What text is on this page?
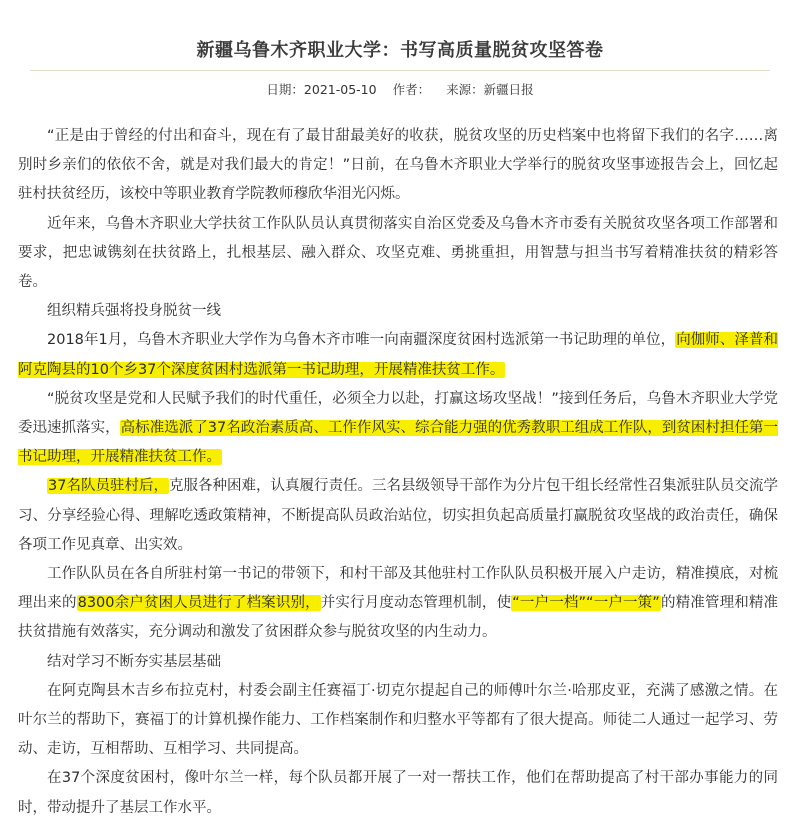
新疆乌鲁木齐职业大学：书写高质量脱贫攻坚答卷
日期：2021-05-10 作者： 来源：新疆日报

“正是由于曾经的付出和奋斗，现在有了最甘甜最美好的收获，脱贫攻坚的历史档案中也将留下我们的名字……离别时乡亲们的依依不舍，就是对我们最大的肯定！”日前，在乌鲁木齐职业大学举行的脱贫攻坚事迹报告会上，回忆起驻村扶贫经历，该校中等职业教育学院教师穆欣华泪光闪烁。

近年来，乌鲁木齐职业大学扶贫工作队队员认真贯彻落实自治区党委及乌鲁木齐市委有关脱贫攻坚各项工作部署和要求，把忠诚镌刻在扶贫路上，扎根基层、融入群众、攻坚克难、勇挑重担，用智慧与担当书写着精准扶贫的精彩答卷。

组织精兵强将投身脱贫一线

2018年1月，乌鲁木齐职业大学作为乌鲁木齐市唯一向南疆深度贫困村选派第一书记助理的单位，向伽师、泽普和阿克陶县的10个乡37个深度贫困村选派第一书记助理，开展精准扶贫工作。

“脱贫攻坚是党和人民赋予我们的时代重任，必须全力以赴，打赢这场攻坚战！”接到任务后，乌鲁木齐职业大学党委迅速抓落实，高标准选派了37名政治素质高、工作作风实、综合能力强的优秀教职工组成工作队，到贫困村担任第一书记助理，开展精准扶贫工作。

37名队员驻村后，克服各种困难，认真履行责任。三名县级领导干部作为分片包干组长经常性召集派驻队员交流学习、分享经验心得、理解吃透政策精神，不断提高队员政治站位，切实担负起高质量打赢脱贫攻坚战的政治责任，确保各项工作见真章、出实效。

工作队队员在各自所驻村第一书记的带领下，和村干部及其他驻村工作队队员积极开展入户走访，精准摸底，对梳理出来的8300余户贫困人员进行了档案识别，并实行月度动态管理机制，使“一户一档”“一户一策”的精准管理和精准扶贫措施有效落实，充分调动和激发了贫困群众参与脱贫攻坚的内生动力。

结对学习不断夯实基层基础

在阿克陶县木吉乡布拉克村，村委会副主任赛福丁·切克尔提起自己的师傅叶尔兰·哈那皮亚，充满了感激之情。在叶尔兰的帮助下，赛福丁的计算机操作能力、工作档案制作和归整水平等都有了很大提高。师徒二人通过一起学习、劳动、走访，互相帮助、互相学习、共同提高。

在37个深度贫困村，像叶尔兰一样，每个队员都开展了一对一帮扶工作，他们在帮助提高了村干部办事能力的同时，带动提升了基层工作水平。
